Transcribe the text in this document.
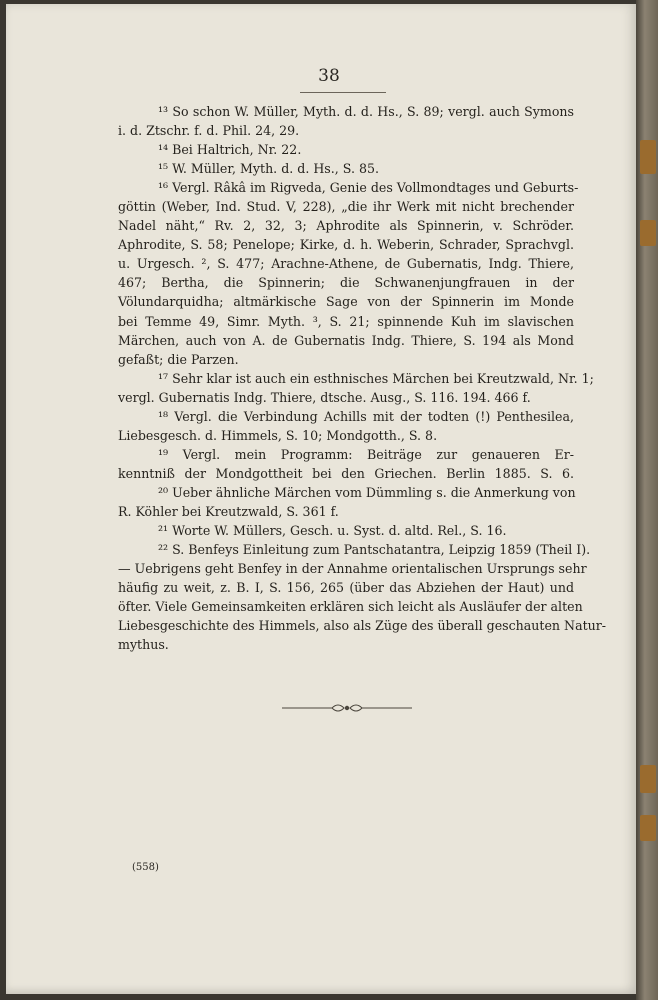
38
¹³ So schon W. Müller, Myth. d. d. Hs., S. 89; vergl. auch Symons
i. d. Ztschr. f. d. Phil. 24, 29.
¹⁴ Bei Haltrich, Nr. 22.
¹⁵ W. Müller, Myth. d. d. Hs., S. 85.
¹⁶ Vergl. Râkâ im Rigveda, Genie des Vollmondtages und Geburts-
göttin (Weber, Ind. Stud. V, 228), „die ihr Werk mit nicht brechender
Nadel näht,“ Rv. 2, 32, 3; Aphrodite als Spinnerin, v. Schröder.
Aphrodite, S. 58; Penelope; Kirke, d. h. Weberin, Schrader, Sprachvgl.
u. Urgesch. ², S. 477; Arachne-Athene, de Gubernatis, Indg. Thiere,
467; Bertha, die Spinnerin; die Schwanenjungfrauen in der
Völundarquidha; altmärkische Sage von der Spinnerin im Monde
bei Temme 49, Simr. Myth. ³, S. 21; spinnende Kuh im slavischen
Märchen, auch von A. de Gubernatis Indg. Thiere, S. 194 als Mond
gefaßt; die Parzen.
¹⁷ Sehr klar ist auch ein esthnisches Märchen bei Kreutzwald, Nr. 1;
vergl. Gubernatis Indg. Thiere, dtsche. Ausg., S. 116. 194. 466 f.
¹⁸ Vergl. die Verbindung Achills mit der todten (!) Penthesilea,
Liebesgesch. d. Himmels, S. 10; Mondgotth., S. 8.
¹⁹ Vergl. mein Programm: Beiträge zur genaueren Er-
kenntniß der Mondgottheit bei den Griechen. Berlin 1885. S. 6.
²⁰ Ueber ähnliche Märchen vom Dümmling s. die Anmerkung von
R. Köhler bei Kreutzwald, S. 361 f.
²¹ Worte W. Müllers, Gesch. u. Syst. d. altd. Rel., S. 16.
²² S. Benfeys Einleitung zum Pantschatantra, Leipzig 1859 (Theil I).
— Uebrigens geht Benfey in der Annahme orientalischen Ursprungs sehr
häufig zu weit, z. B. I, S. 156, 265 (über das Abziehen der Haut) und
öfter. Viele Gemeinsamkeiten erklären sich leicht als Ausläufer der alten
Liebesgeschichte des Himmels, also als Züge des überall geschauten Natur-
mythus.
(558)
